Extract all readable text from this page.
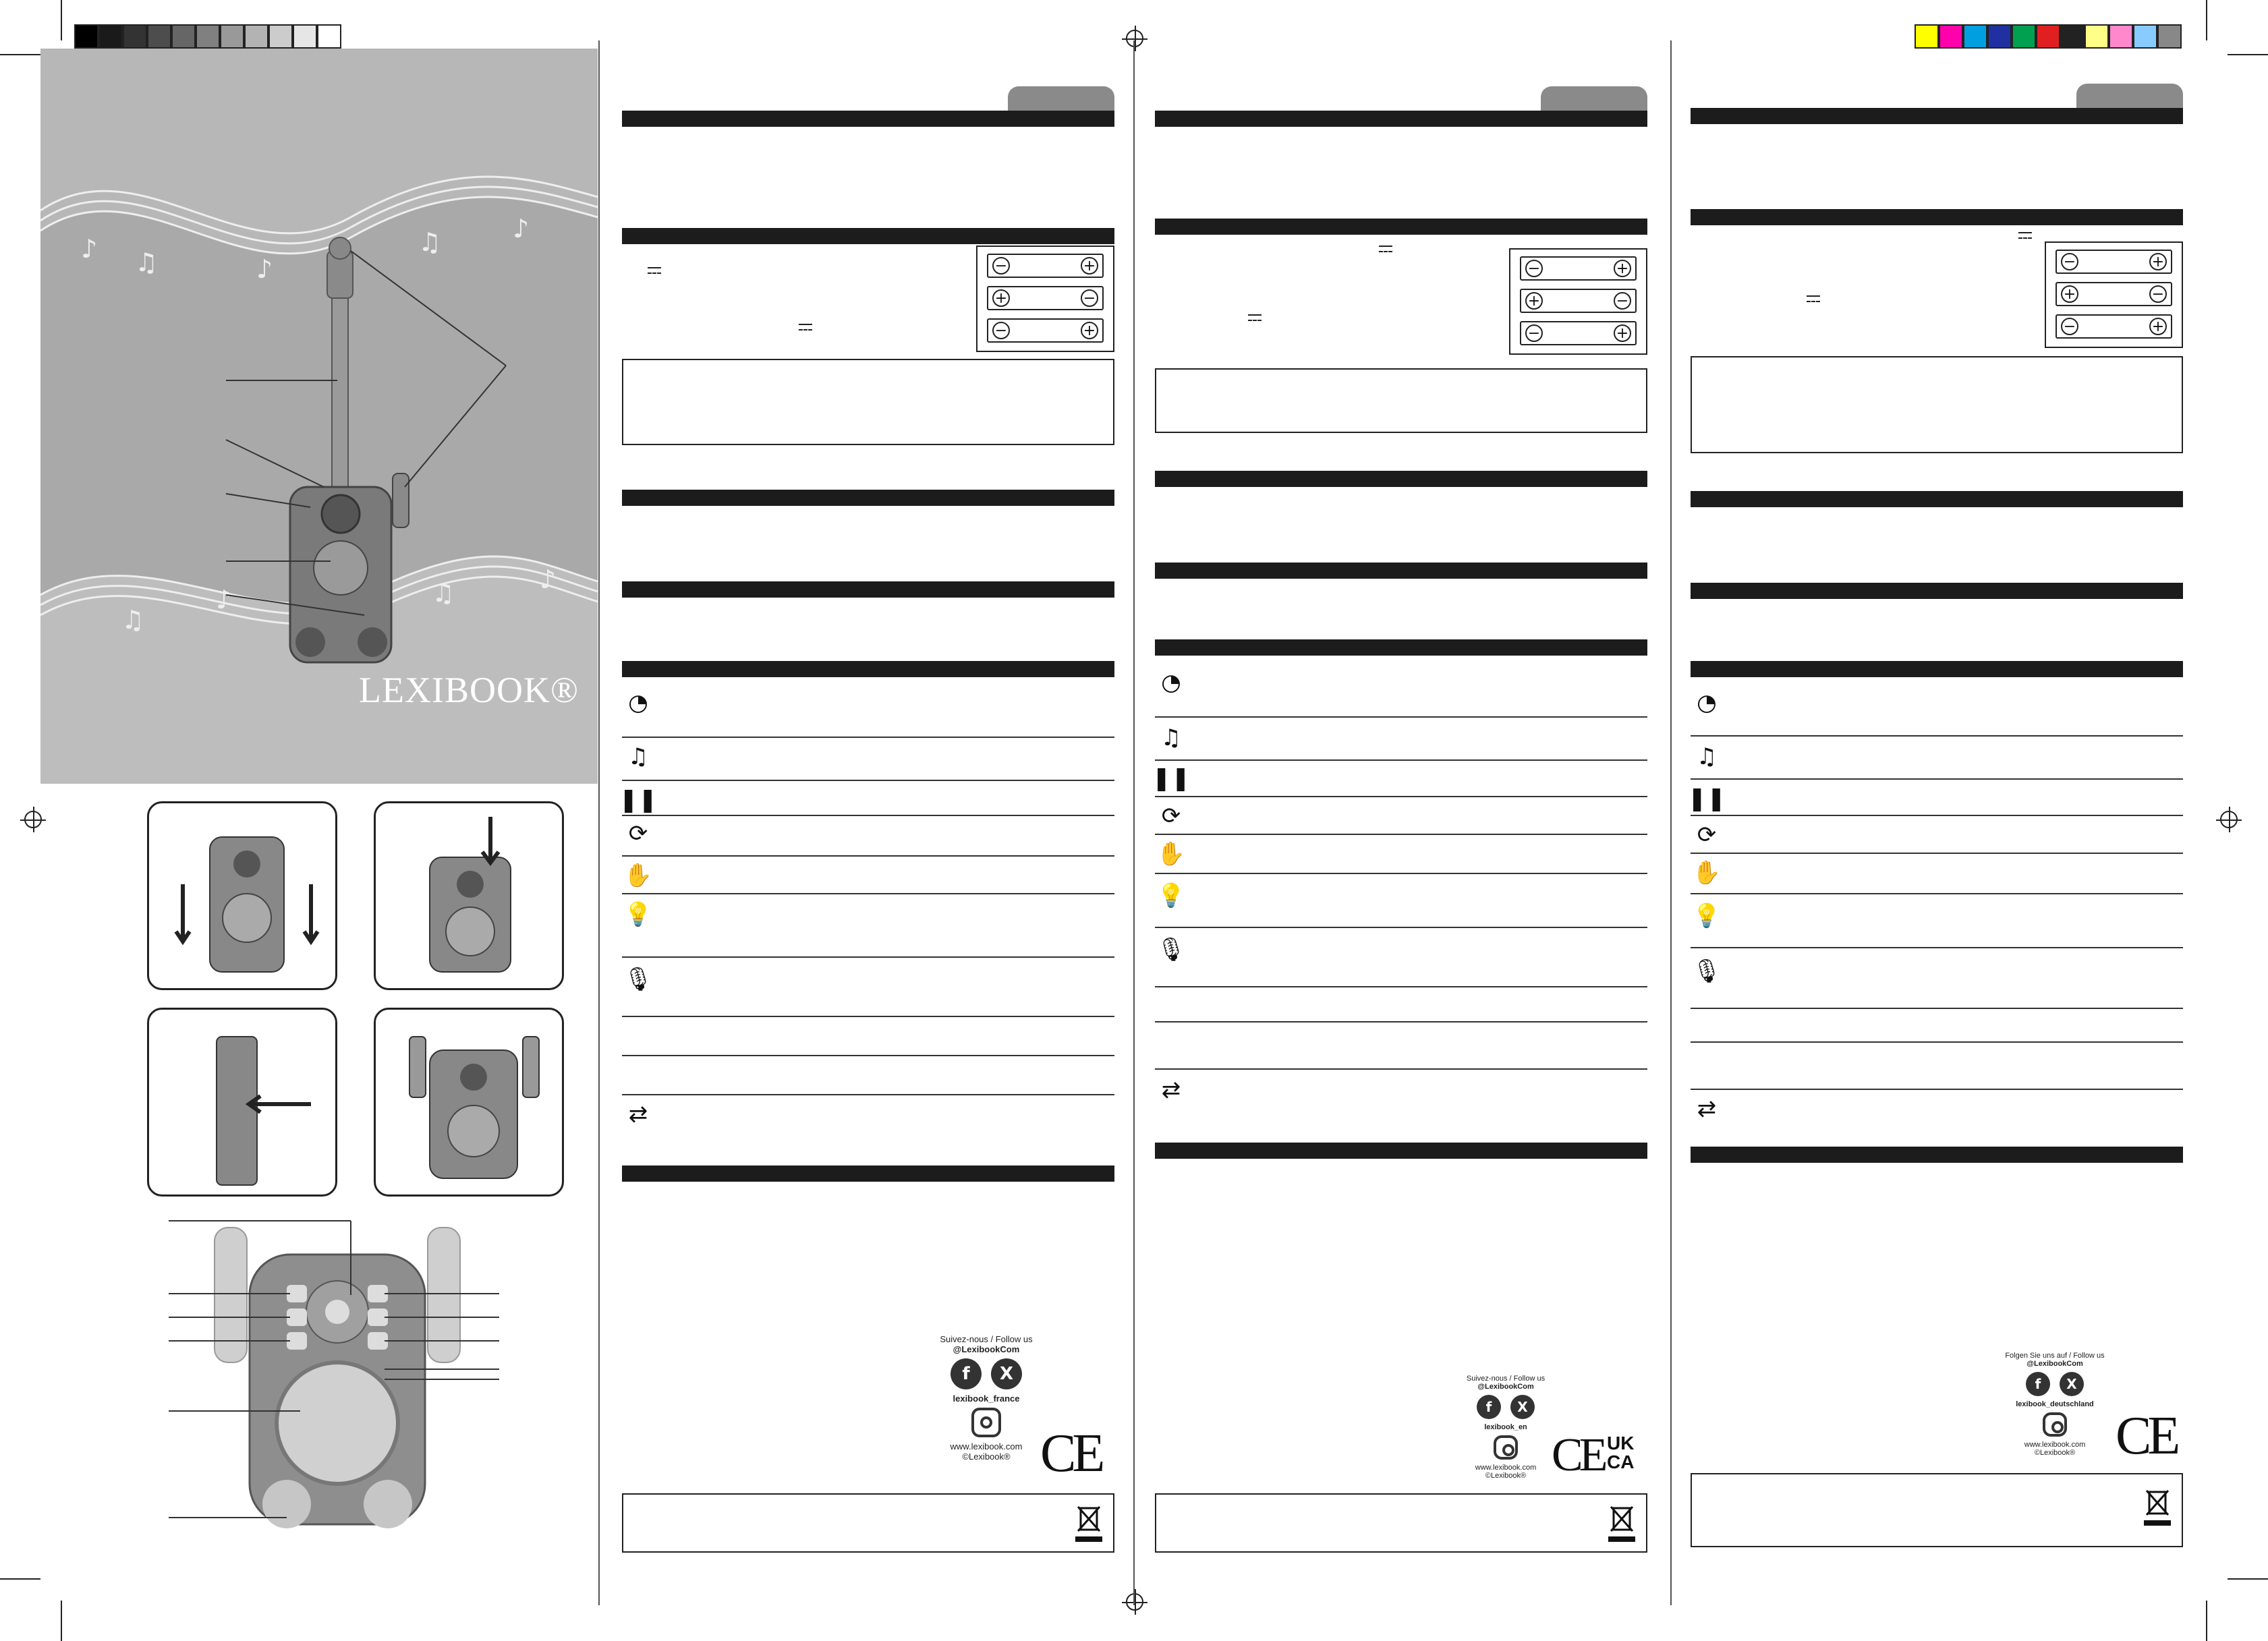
♪ ♫	♪
♫	♪
♫
♪	♫	♪
LEXIBOOK®
−	+
+	−
−	+
◔
♫
❚❚
⟳
✋
💡
🎙
⇄
Suivez-nous / Follow us
@LexibookCom
f	X
lexibook_france
www.lexibook.com
©Lexibook® CE
−	+
+	−
−	+
◔
♫
❚❚
⟳
✋
💡
🎙
⇄
Suivez-nous / Follow us
@LexibookCom
f	X
lexibook_en
www.lexibook.com
©Lexibook® CE UK CA
−	+
+	−
−	+
◔
♫
❚❚
⟳
✋
💡
🎙
⇄
Folgen Sie uns auf / Follow us
@LexibookCom
f	X
lexibook_deutschland
www.lexibook.com
©Lexibook® CE
